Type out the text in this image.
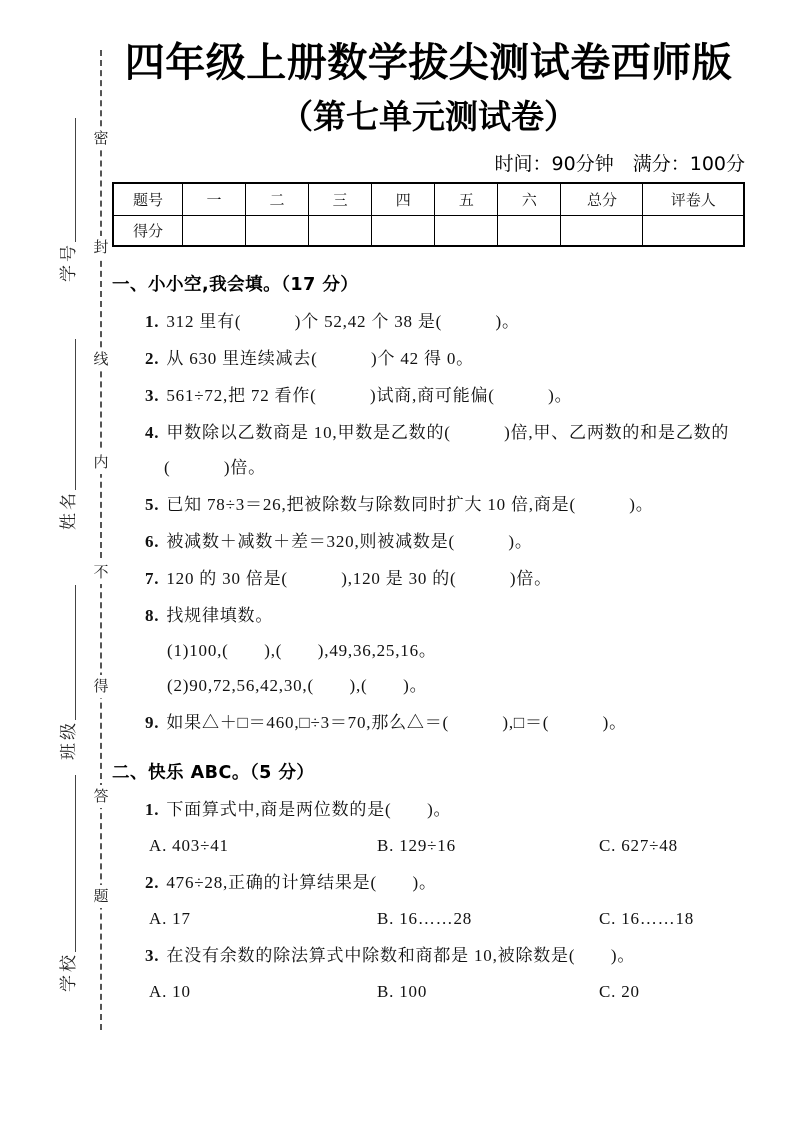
学号
姓名
班级
学校
密
封
线
内
不
得
答
题
四年级上册数学拔尖测试卷西师版
（第七单元测试卷）
时间：90分钟　满分：100分
题号	一	二	三	四	五	六	总分	评卷人
得分								
一、小小空,我会填。（17 分）
1. 312 里有(　　　)个 52,42 个 38 是(　　　)。
2. 从 630 里连续减去(　　　)个 42 得 0。
3. 561÷72,把 72 看作(　　　)试商,商可能偏(　　　)。
4. 甲数除以乙数商是 10,甲数是乙数的(　　　)倍,甲、乙两数的和是乙数的
(　　　)倍。
5. 已知 78÷3＝26,把被除数与除数同时扩大 10 倍,商是(　　　)。
6. 被减数＋减数＋差＝320,则被减数是(　　　)。
7. 120 的 30 倍是(　　　),120 是 30 的(　　　)倍。
8. 找规律填数。
(1)100,(　　),(　　),49,36,25,16。
(2)90,72,56,42,30,(　　),(　　)。
9. 如果△＋□＝460,□÷3＝70,那么△＝(　　　),□＝(　　　)。
二、快乐 ABC。（5 分）
1. 下面算式中,商是两位数的是(　　)。
A. 403÷41	B. 129÷16	C. 627÷48
2. 476÷28,正确的计算结果是(　　)。
A. 17	B. 16……28	C. 16……18
3. 在没有余数的除法算式中除数和商都是 10,被除数是(　　)。
A. 10	B. 100	C. 20
